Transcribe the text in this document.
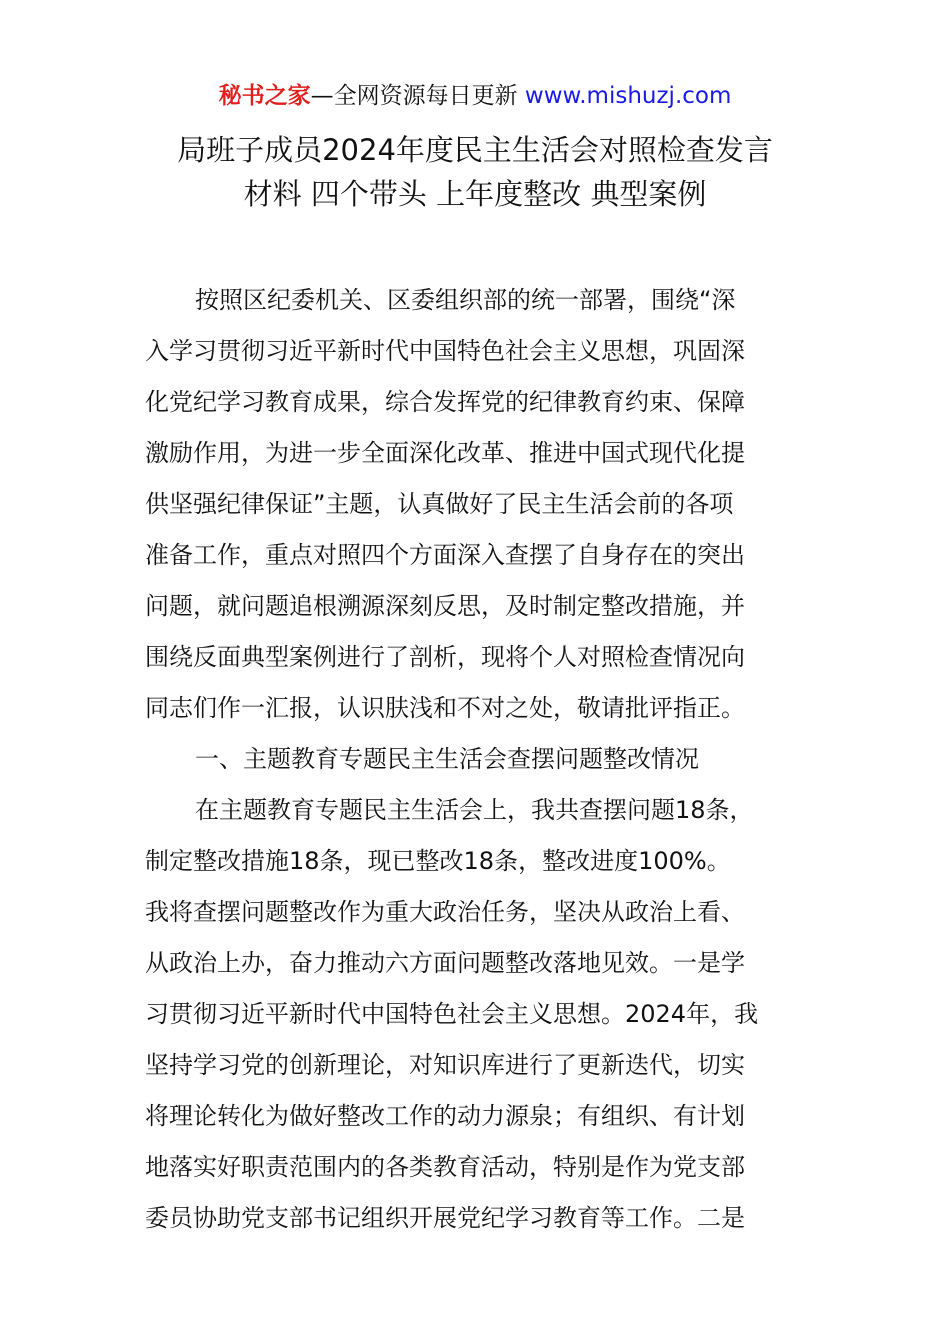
秘书之家—全网资源每日更新 www.mishuzj.com
局班子成员2024年度民主生活会对照检查发言
材料 四个带头 上年度整改 典型案例
按照区纪委机关、区委组织部的统一部署，围绕“深
入学习贯彻习近平新时代中国特色社会主义思想，巩固深
化党纪学习教育成果，综合发挥党的纪律教育约束、保障
激励作用，为进一步全面深化改革、推进中国式现代化提
供坚强纪律保证”主题，认真做好了民主生活会前的各项
准备工作，重点对照四个方面深入查摆了自身存在的突出
问题，就问题追根溯源深刻反思，及时制定整改措施，并
围绕反面典型案例进行了剖析，现将个人对照检查情况向
同志们作一汇报，认识肤浅和不对之处，敬请批评指正。
一、主题教育专题民主生活会查摆问题整改情况
在主题教育专题民主生活会上，我共查摆问题18条，
制定整改措施18条，现已整改18条，整改进度100%。
我将查摆问题整改作为重大政治任务，坚决从政治上看、
从政治上办，奋力推动六方面问题整改落地见效。一是学
习贯彻习近平新时代中国特色社会主义思想。2024年，我
坚持学习党的创新理论，对知识库进行了更新迭代，切实
将理论转化为做好整改工作的动力源泉；有组织、有计划
地落实好职责范围内的各类教育活动，特别是作为党支部
委员协助党支部书记组织开展党纪学习教育等工作。二是
